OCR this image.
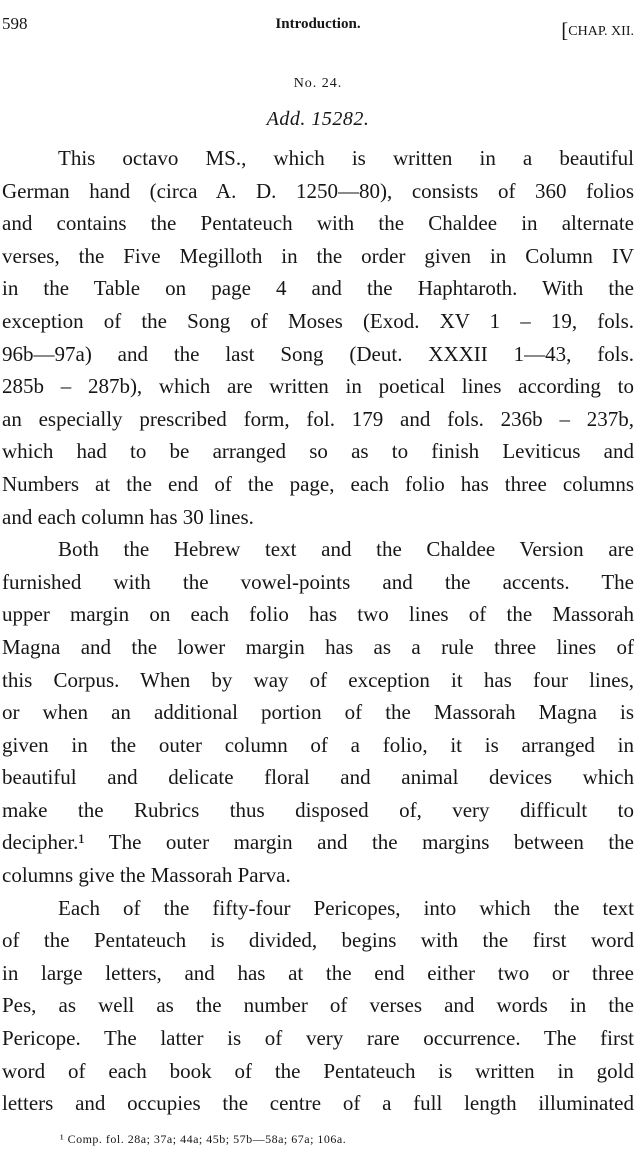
598	Introduction.	[CHAP. XII.
No. 24.
Add. 15282.
This octavo MS., which is written in a beautiful
German hand (circa A. D. 1250—80), consists of 360 folios
and contains the Pentateuch with the Chaldee in alternate
verses, the Five Megilloth in the order given in Column IV
in the Table on page 4 and the Haphtaroth. With the
exception of the Song of Moses (Exod. XV 1 – 19, fols.
96b—97a) and the last Song (Deut. XXXII 1—43, fols.
285b – 287b), which are written in poetical lines according to
an especially prescribed form, fol. 179 and fols. 236b – 237b,
which had to be arranged so as to finish Leviticus and
Numbers at the end of the page, each folio has three columns
and each column has 30 lines.
Both the Hebrew text and the Chaldee Version are
furnished with the vowel-points and the accents. The
upper margin on each folio has two lines of the Massorah
Magna and the lower margin has as a rule three lines of
this Corpus. When by way of exception it has four lines,
or when an additional portion of the Massorah Magna is
given in the outer column of a folio, it is arranged in
beautiful and delicate floral and animal devices which
make the Rubrics thus disposed of, very difficult to
decipher.¹ The outer margin and the margins between the
columns give the Massorah Parva.
Each of the fifty-four Pericopes, into which the text
of the Pentateuch is divided, begins with the first word
in large letters, and has at the end either two or three
Pes, as well as the number of verses and words in the
Pericope. The latter is of very rare occurrence. The first
word of each book of the Pentateuch is written in gold
letters and occupies the centre of a full length illuminated
¹ Comp. fol. 28a; 37a; 44a; 45b; 57b—58a; 67a; 106a.
